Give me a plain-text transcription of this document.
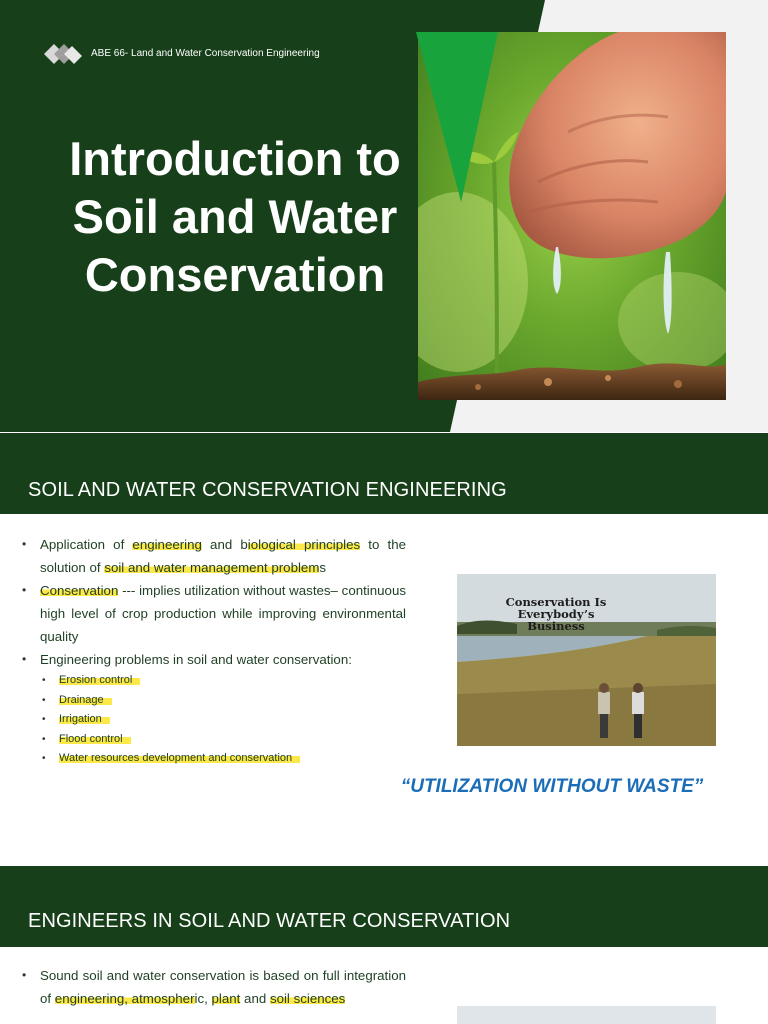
ABE 66- Land and Water Conservation Engineering
Introduction to
Soil and Water
Conservation
SOIL AND WATER CONSERVATION ENGINEERING
• Application of engineering and biological principles to the solution of soil and water management problems
• Conservation --- implies utilization without wastes– continuous high level of crop production while improving environmental quality
• Engineering problems in soil and water conservation:
• Erosion control
• Drainage
• Irrigation
• Flood control
• Water resources development and conservation
Conservation Is Everybody’s
Business
“UTILIZATION WITHOUT WASTE”
ENGINEERS IN SOIL AND WATER CONSERVATION
• Sound soil and water conservation is based on full integration of engineering, atmospheric, plant and soil sciences
